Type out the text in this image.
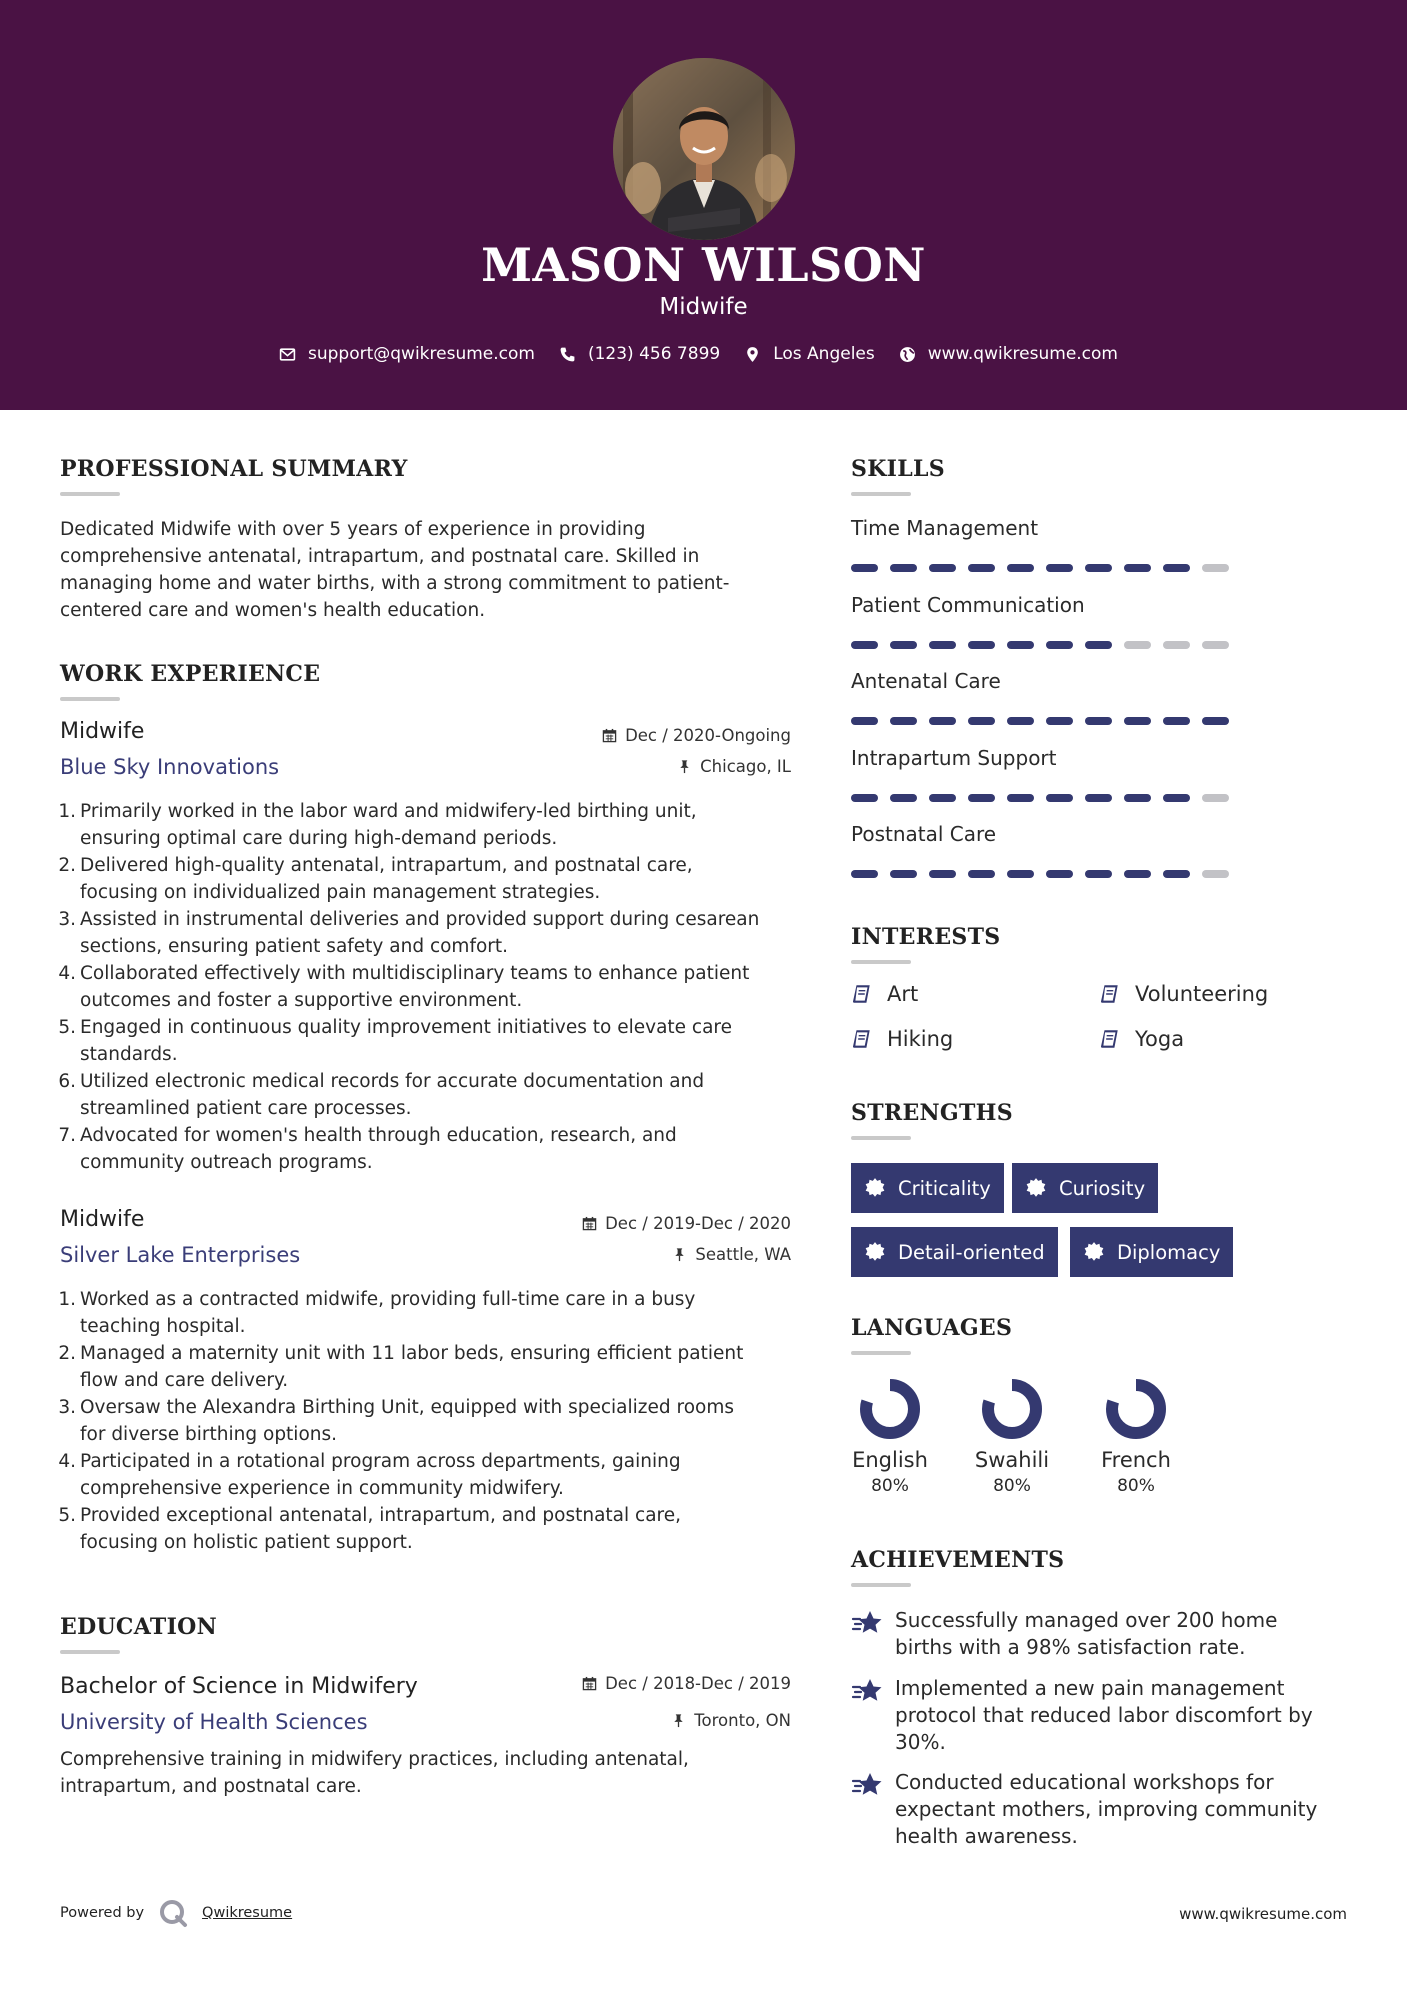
MASON WILSON
Midwife
support@qwikresume.com	(123) 456 7899	Los Angeles	www.qwikresume.com
PROFESSIONAL SUMMARY
Dedicated Midwife with over 5 years of experience in providing
comprehensive antenatal, intrapartum, and postnatal care. Skilled in
managing home and water births, with a strong commitment to patient-
centered care and women's health education.
WORK EXPERIENCE
Midwife	Dec / 2020-Ongoing
Blue Sky Innovations	Chicago, IL
1. Primarily worked in the labor ward and midwifery-led birthing unit,
ensuring optimal care during high-demand periods.
2. Delivered high-quality antenatal, intrapartum, and postnatal care,
focusing on individualized pain management strategies.
3. Assisted in instrumental deliveries and provided support during cesarean
sections, ensuring patient safety and comfort.
4. Collaborated effectively with multidisciplinary teams to enhance patient
outcomes and foster a supportive environment.
5. Engaged in continuous quality improvement initiatives to elevate care
standards.
6. Utilized electronic medical records for accurate documentation and
streamlined patient care processes.
7. Advocated for women's health through education, research, and
community outreach programs.
Midwife	Dec / 2019-Dec / 2020
Silver Lake Enterprises	Seattle, WA
1. Worked as a contracted midwife, providing full-time care in a busy
teaching hospital.
2. Managed a maternity unit with 11 labor beds, ensuring efficient patient
flow and care delivery.
3. Oversaw the Alexandra Birthing Unit, equipped with specialized rooms
for diverse birthing options.
4. Participated in a rotational program across departments, gaining
comprehensive experience in community midwifery.
5. Provided exceptional antenatal, intrapartum, and postnatal care,
focusing on holistic patient support.
EDUCATION
Bachelor of Science in Midwifery	Dec / 2018-Dec / 2019
University of Health Sciences	Toronto, ON
Comprehensive training in midwifery practices, including antenatal,
intrapartum, and postnatal care.
SKILLS
Time Management
Patient Communication
Antenatal Care
Intrapartum Support
Postnatal Care
INTERESTS
Art	Volunteering
Hiking	Yoga
STRENGTHS
Criticality	Curiosity
Detail-oriented	Diplomacy
LANGUAGES
English
80%
Swahili
80%
French
80%
ACHIEVEMENTS
Successfully managed over 200 home
births with a 98% satisfaction rate.
Implemented a new pain management
protocol that reduced labor discomfort by
30%.
Conducted educational workshops for
expectant mothers, improving community
health awareness.
Powered by	Qwikresume	www.qwikresume.com
